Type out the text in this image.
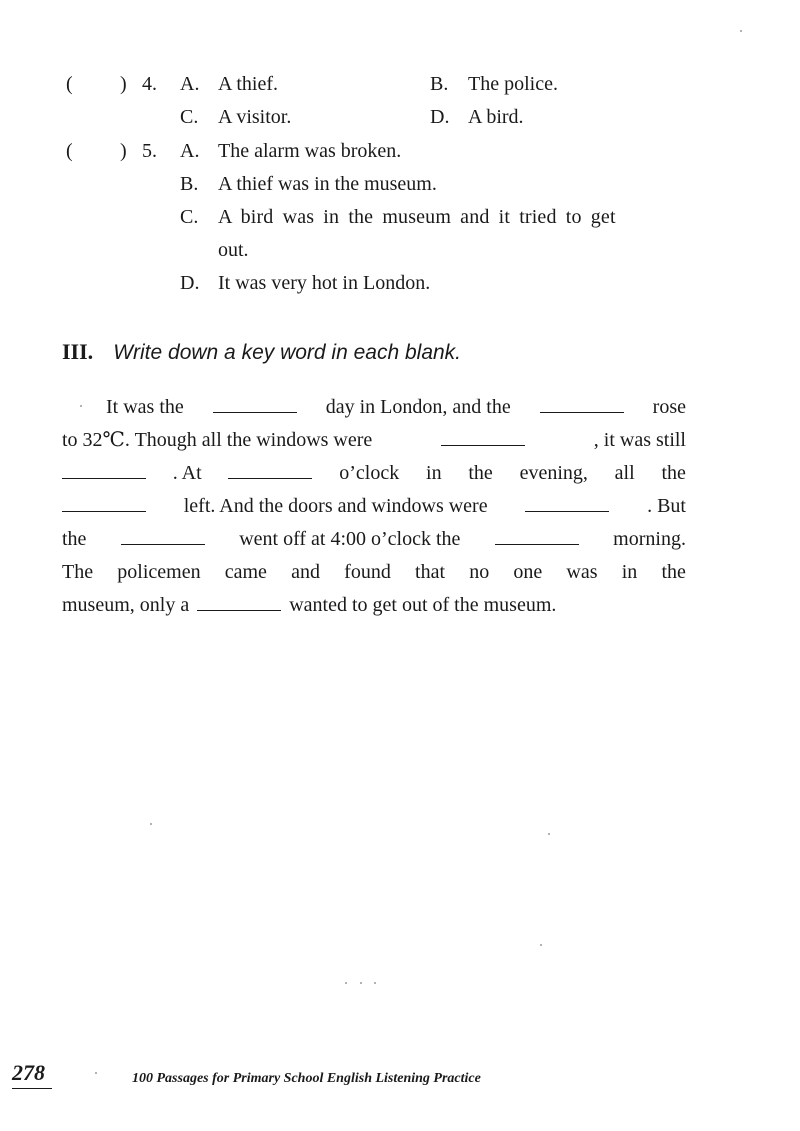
( ) 4. A. A thief.	B. The police.
C. A visitor.	D. A bird.
( ) 5. A. The alarm was broken.
B. A thief was in the museum.
C. A bird was in the museum and it tried to get
out.
D. It was very hot in London.
III. Write down a key word in each blank.
It was the	day in London, and the	rose
to 32℃. Though all the windows were	, it was still
. At	o’clock in the evening, all the
left. And the doors and windows were	. But
the	went off at 4:00 o’clock the	morning.
The policemen came and found that no one was in the
museum, only a	wanted to get out of the museum.
278	100 Passages for Primary School English Listening Practice
